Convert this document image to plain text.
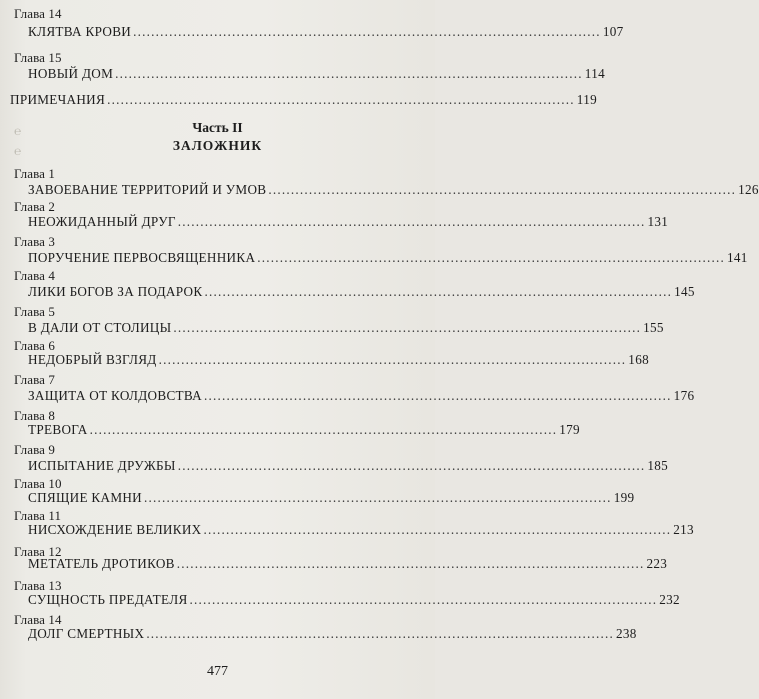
Глава 14
КЛЯТВА КРОВИ ........................................................................................................ 107
Глава 15
НОВЫЙ ДОМ ........................................................................................................ 114
ПРИМЕЧАНИЯ ........................................................................................................ 119
℮
℮
Часть II
ЗАЛОЖНИК
Глава 1
ЗАВОЕВАНИЕ ТЕРРИТОРИЙ И УМОВ ........................................................................................................ 126
Глава 2
НЕОЖИДАННЫЙ ДРУГ ........................................................................................................ 131
Глава 3
ПОРУЧЕНИЕ ПЕРВОСВЯЩЕННИКА ........................................................................................................ 141
Глава 4
ЛИКИ БОГОВ ЗА ПОДАРОК ........................................................................................................ 145
Глава 5
В ДАЛИ ОТ СТОЛИЦЫ ........................................................................................................ 155
Глава 6
НЕДОБРЫЙ ВЗГЛЯД ........................................................................................................ 168
Глава 7
ЗАЩИТА ОТ КОЛДОВСТВА ........................................................................................................ 176
Глава 8
ТРЕВОГА ........................................................................................................ 179
Глава 9
ИСПЫТАНИЕ ДРУЖБЫ ........................................................................................................ 185
Глава 10
СПЯЩИЕ КАМНИ ........................................................................................................ 199
Глава 11
НИСХОЖДЕНИЕ ВЕЛИКИХ ........................................................................................................ 213
Глава 12
МЕТАТЕЛЬ ДРОТИКОВ ........................................................................................................ 223
Глава 13
СУЩНОСТЬ ПРЕДАТЕЛЯ ........................................................................................................ 232
Глава 14
ДОЛГ СМЕРТНЫХ ........................................................................................................ 238
477
